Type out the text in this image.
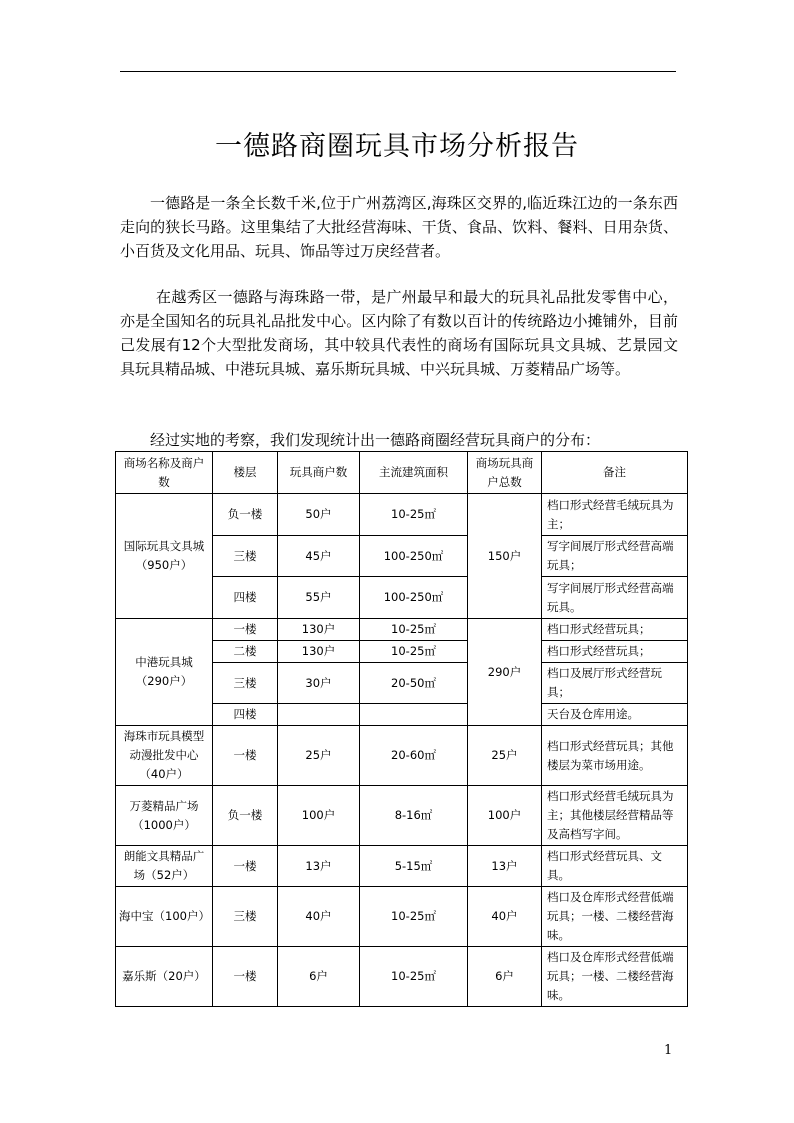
一德路商圈玩具市场分析报告

一德路是一条全长数千米,位于广州荔湾区,海珠区交界的,临近珠江边的一条东西走向的狭长马路。这里集结了大批经营海味、干货、食品、饮料、餐料、日用杂货、小百货及文化用品、玩具、饰品等过万戾经营者。

在越秀区一德路与海珠路一带，是广州最早和最大的玩具礼品批发零售中心，亦是全国知名的玩具礼品批发中心。区内除了有数以百计的传统路边小摊铺外，目前己发展有12个大型批发商场，其中较具代表性的商场有国际玩具文具城、艺景园文具玩具精品城、中港玩具城、嘉乐斯玩具城、中兴玩具城、万菱精品广场等。

经过实地的考察，我们发现统计出一德路商圈经营玩具商户的分布：

商场名称及商户数	楼层	玩具商户数	主流建筑面积	商场玩具商户总数	备注
国际玩具文具城（950户）	负一楼	50户	10-25㎡	150户	档口形式经营毛绒玩具为主；
	三楼	45户	100-250㎡		写字间展厅形式经营高端玩具；
	四楼	55户	100-250㎡		写字间展厅形式经营高端玩具。
中港玩具城（290户）	一楼	130户	10-25㎡	290户	档口形式经营玩具；
	二楼	130户	10-25㎡		档口形式经营玩具；
	三楼	30户	20-50㎡		档口及展厅形式经营玩具；
	四楼				天台及仓库用途。
海珠市玩具模型动漫批发中心（40户）	一楼	25户	20-60㎡	25户	档口形式经营玩具；其他楼层为菜市场用途。
万菱精品广场（1000户）	负一楼	100户	8-16㎡	100户	档口形式经营毛绒玩具为主；其他楼层经营精品等及高档写字间。
朗能文具精品广场（52户）	一楼	13户	5-15㎡	13户	档口形式经营玩具、文具。
海中宝（100户）	三楼	40户	10-25㎡	40户	档口及仓库形式经营低端玩具；一楼、二楼经营海味。
嘉乐斯（20户）	一楼	6户	10-25㎡	6户	档口及仓库形式经营低端玩具；一楼、二楼经营海味。
1
